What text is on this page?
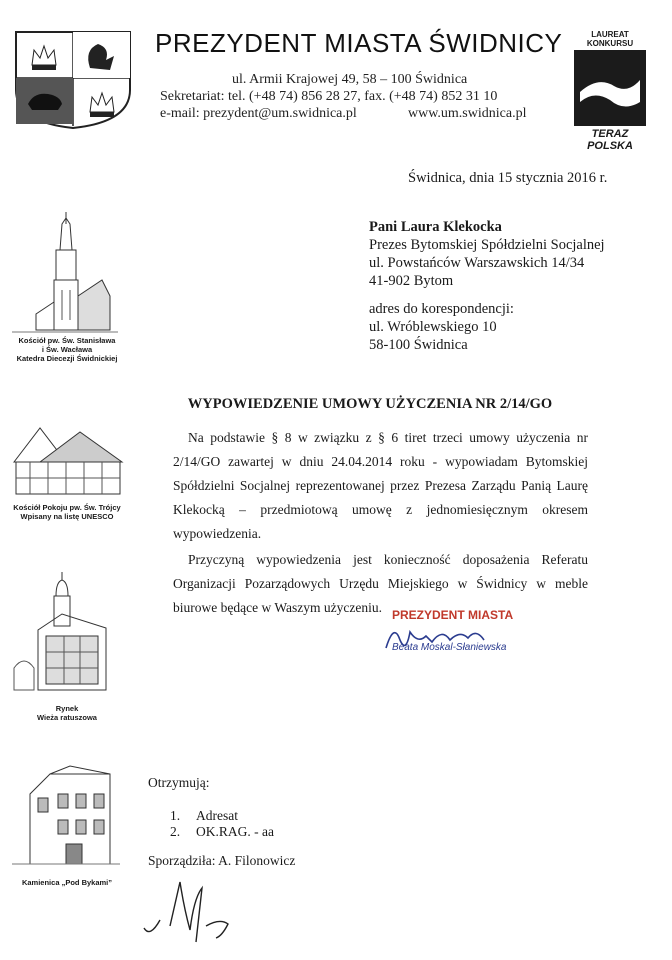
PREZYDENT MIASTA ŚWIDNICY
ul. Armii Krajowej 49, 58 – 100 Świdnica
Sekretariat: tel. (+48 74) 856 28 27, fax. (+48 74) 852 31 10
e-mail: prezydent@um.swidnica.pl	www.um.swidnica.pl
LAUREAT KONKURSU
TERAZ POLSKA
Świdnica, dnia 15 stycznia 2016 r.
Pani Laura Klekocka
Prezes Bytomskiej Spółdzielni Socjalnej
ul. Powstańców Warszawskich 14/34
41-902 Bytom
adres do korespondencji:
ul. Wróblewskiego 10
58-100 Świdnica
Kościół pw. Św. Stanisława
i Św. Wacława
Katedra Diecezji Świdnickiej
Kościół Pokoju pw. Św. Trójcy
Wpisany na listę UNESCO
Rynek
Wieża ratuszowa
Kamienica „Pod Bykami”
WYPOWIEDZENIE UMOWY UŻYCZENIA NR 2/14/GO

Na podstawie § 8 w związku z § 6 tiret trzeci umowy użyczenia nr 2/14/GO zawartej w dniu 24.04.2014 roku - wypowiadam Bytomskiej Spółdzielni Socjalnej reprezentowanej przez Prezesa Zarządu Panią Laurę Klekocką – przedmiotową umowę z jednomiesięcznym okresem wypowiedzenia.

Przyczyną wypowiedzenia jest konieczność doposażenia Referatu Organizacji Pozarządowych Urzędu Miejskiego w Świdnicy w meble biurowe będące w Waszym użyczeniu. PREZYDENT MIASTA
Beata Moskal-Słaniewska
Otrzymują:
1. Adresat
2. OK.RAG. - aa
Sporządziła: A. Filonowicz
